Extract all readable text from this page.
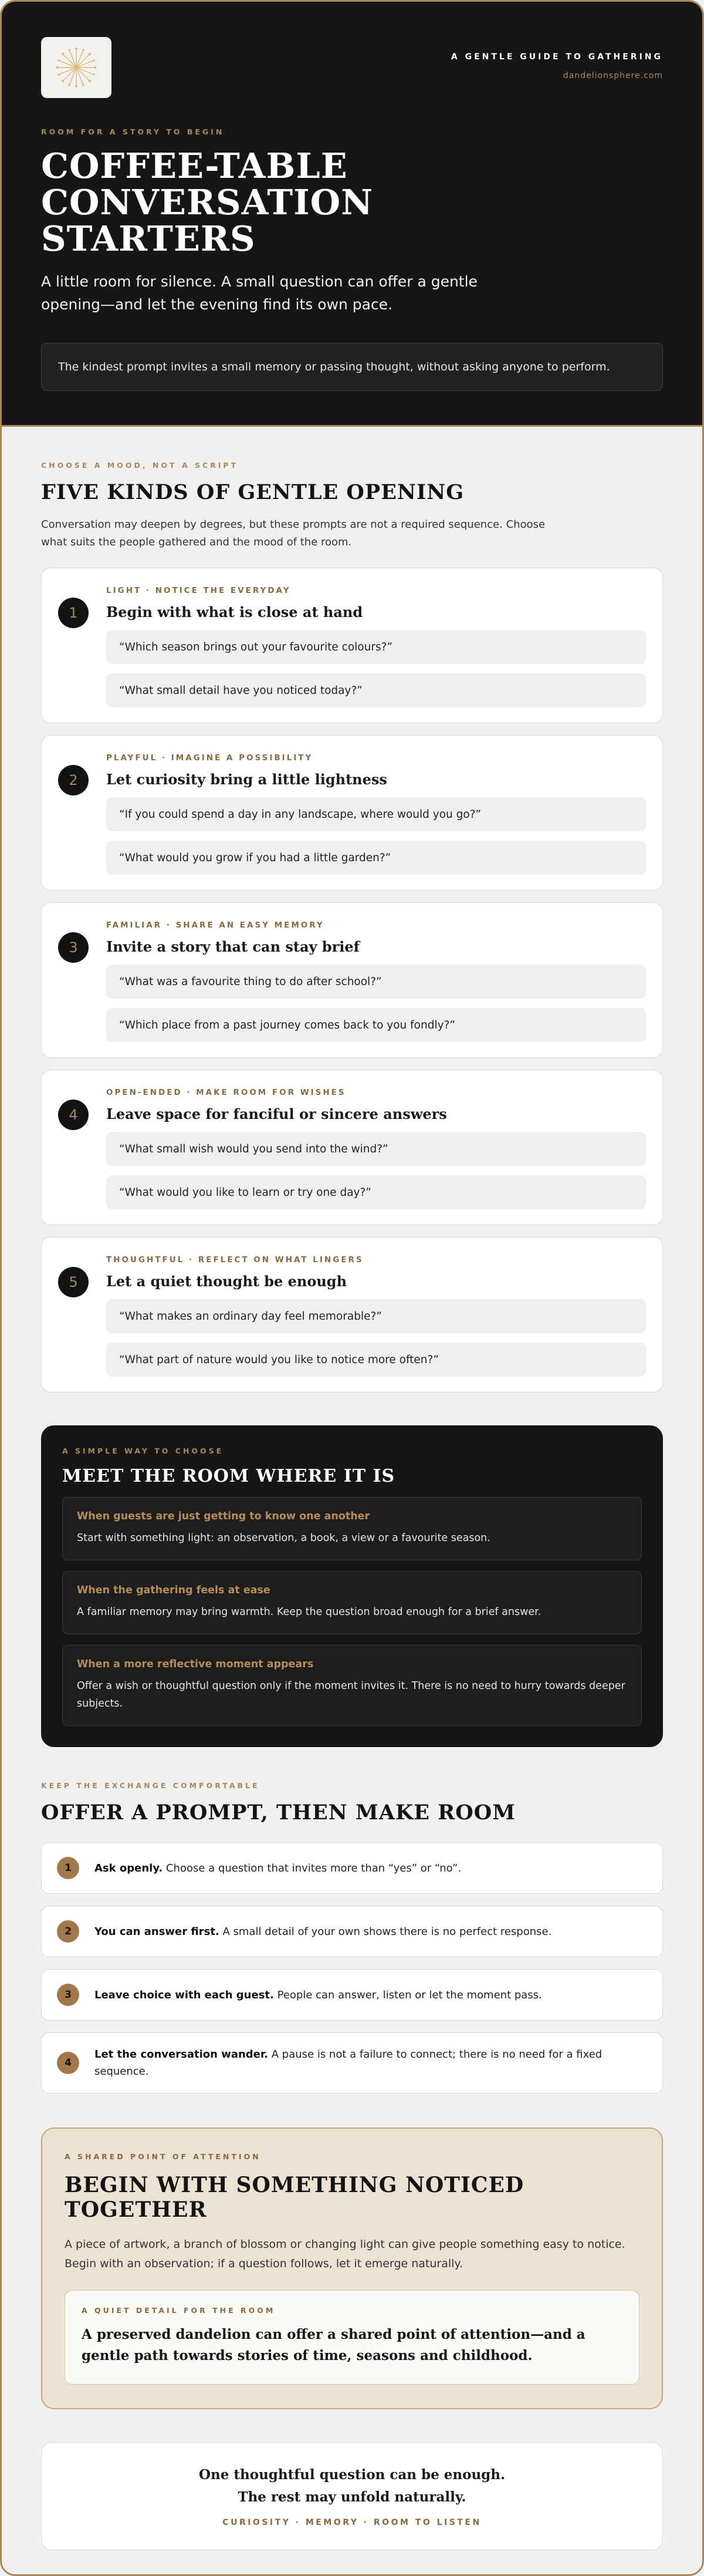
A GENTLE GUIDE TO GATHERING
dandelionsphere.com
ROOM FOR A STORY TO BEGIN
COFFEE-TABLE
CONVERSATION
STARTERS

A little room for silence. A small question can offer a gentle opening—and let the evening find its own pace.

The kindest prompt invites a small memory or passing thought, without asking anyone to perform.
CHOOSE A MOOD, NOT A SCRIPT
FIVE KINDS OF GENTLE OPENING

Conversation may deepen by degrees, but these prompts are not a required sequence. Choose what suits the people gathered and the mood of the room.

1
LIGHT · NOTICE THE EVERYDAY
Begin with what is close at hand
“Which season brings out your favourite colours?”
“What small detail have you noticed today?”
2
PLAYFUL · IMAGINE A POSSIBILITY
Let curiosity bring a little lightness
“If you could spend a day in any landscape, where would you go?”
“What would you grow if you had a little garden?”
3
FAMILIAR · SHARE AN EASY MEMORY
Invite a story that can stay brief
“What was a favourite thing to do after school?”
“Which place from a past journey comes back to you fondly?”
4
OPEN-ENDED · MAKE ROOM FOR WISHES
Leave space for fanciful or sincere answers
“What small wish would you send into the wind?”
“What would you like to learn or try one day?”
5
THOUGHTFUL · REFLECT ON WHAT LINGERS
Let a quiet thought be enough
“What makes an ordinary day feel memorable?”
“What part of nature would you like to notice more often?”
A SIMPLE WAY TO CHOOSE
MEET THE ROOM WHERE IT IS
When guests are just getting to know one another
Start with something light: an observation, a book, a view or a favourite season.
When the gathering feels at ease
A familiar memory may bring warmth. Keep the question broad enough for a brief answer.
When a more reflective moment appears
Offer a wish or thoughtful question only if the moment invites it. There is no need to hurry towards deeper subjects.
KEEP THE EXCHANGE COMFORTABLE
OFFER A PROMPT, THEN MAKE ROOM
1	Ask openly. Choose a question that invites more than “yes” or “no”.
2	You can answer first. A small detail of your own shows there is no perfect response.
3	Leave choice with each guest. People can answer, listen or let the moment pass.
4
Let the conversation wander. A pause is not a failure to connect; there is no need for a fixed sequence.
A SHARED POINT OF ATTENTION
BEGIN WITH SOMETHING NOTICED TOGETHER

A piece of artwork, a branch of blossom or changing light can give people something easy to notice. Begin with an observation; if a question follows, let it emerge naturally.

A QUIET DETAIL FOR THE ROOM
A preserved dandelion can offer a shared point of attention—and a gentle path towards stories of time, seasons and childhood.
One thoughtful question can be enough.
The rest may unfold naturally.
CURIOSITY · MEMORY · ROOM TO LISTEN
